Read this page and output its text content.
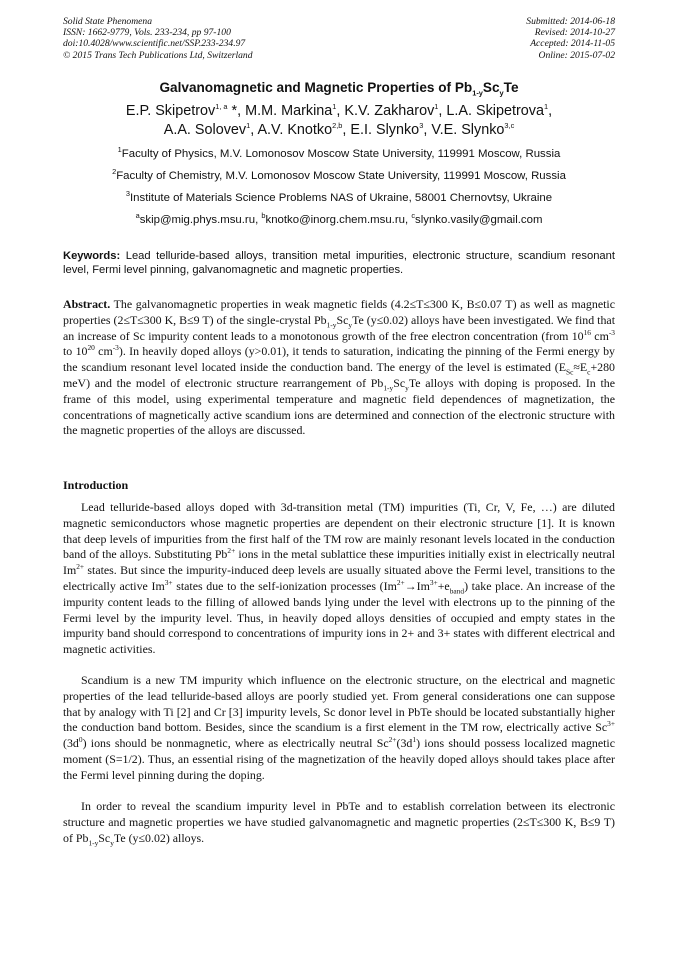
Solid State Phenomena
ISSN: 1662-9779, Vols. 233-234, pp 97-100
doi:10.4028/www.scientific.net/SSP.233-234.97
© 2015 Trans Tech Publications Ltd, Switzerland
Submitted: 2014-06-18
Revised: 2014-10-27
Accepted: 2014-11-05
Online: 2015-07-02
Galvanomagnetic and Magnetic Properties of $Pb_{1-y}Sc_yTe$
E.P. Skipetrov$^{1, a}$ *, M.M. Markina$^1$, K.V. Zakharov$^1$, L.A. Skipetrova$^1$,
A.A. Solovev$^1$, A.V. Knotko$^{2,b}$, E.I. Slynko$^3$, V.E. Slynko$^{3,c}$
$^1$Faculty of Physics, M.V. Lomonosov Moscow State University, 119991 Moscow, Russia
$^2$Faculty of Chemistry, M.V. Lomonosov Moscow State University, 119991 Moscow, Russia
$^3$Institute of Materials Science Problems NAS of Ukraine, 58001 Chernovtsy, Ukraine
$^a$skip@mig.phys.msu.ru, $^b$knotko@inorg.chem.msu.ru, $^c$slynko.vasily@gmail.com
Keywords: Lead telluride-based alloys, transition metal impurities, electronic structure, scandium resonant level, Fermi level pinning, galvanomagnetic and magnetic properties.
Abstract. The galvanomagnetic properties in weak magnetic fields (4.2≤T≤300 K, B≤0.07 T) as well as magnetic properties (2≤T≤300 K, B≤9 T) of the single-crystal $Pb_{1-y}Sc_yTe$ (y≤0.02) alloys have been investigated. We find that an increase of Sc impurity content leads to a monotonous growth of the free electron concentration (from $10^{16}$ $cm^{-3}$ to $10^{20}$ $cm^{-3}$). In heavily doped alloys (y>0.01), it tends to saturation, indicating the pinning of the Fermi energy by the scandium resonant level located inside the conduction band. The energy of the level is estimated ($E_{Sc}\approx E_c+280$ meV) and the model of electronic structure rearrangement of $Pb_{1-y}Sc_yTe$ alloys with doping is proposed. In the frame of this model, using experimental temperature and magnetic field dependences of magnetization, the concentrations of magnetically active scandium ions are determined and connection of the electronic structure with the magnetic properties of the alloys are discussed.
Introduction
Lead telluride-based alloys doped with 3d-transition metal (TM) impurities (Ti, Cr, V, Fe, …) are diluted magnetic semiconductors whose magnetic properties are dependent on their electronic structure [1]. It is known that deep levels of impurities from the first half of the TM row are mainly resonant levels located in the conduction band of the alloys. Substituting $Pb^{2+}$ ions in the metal sublattice these impurities initially exist in electrically neutral $Im^{2+}$ states. But since the impurity-induced deep levels are usually situated above the Fermi level, transitions to the electrically active $Im^{3+}$ states due to the self-ionization processes $(Im^{2+}\to Im^{3+}+e_{band})$ take place. An increase of the impurity content leads to the filling of allowed bands lying under the level with electrons up to the pinning of the Fermi level by the impurity level. Thus, in heavily doped alloys densities of occupied and empty states in the impurity band should correspond to concentrations of impurity ions in 2+ and 3+ states with different electrical and magnetic activities.
Scandium is a new TM impurity which influence on the electronic structure, on the electrical and magnetic properties of the lead telluride-based alloys are poorly studied yet. From general considerations one can suppose that by analogy with Ti [2] and Cr [3] impurity levels, Sc donor level in PbTe should be located substantially higher the conduction band bottom. Besides, since the scandium is a first element in the TM row, electrically active $Sc^{3+}(3d^0)$ ions should be nonmagnetic, where as electrically neutral $Sc^{2+}(3d^1)$ ions should possess localized magnetic moment (S=1/2). Thus, an essential rising of the magnetization of the heavily doped alloys should takes place after the Fermi level pinning during the doping.
In order to reveal the scandium impurity level in PbTe and to establish correlation between its electronic structure and magnetic properties we have studied galvanomagnetic and magnetic properties (2≤T≤300 K, B≤9 T) of $Pb_{1-y}Sc_yTe$ (y≤0.02) alloys.
